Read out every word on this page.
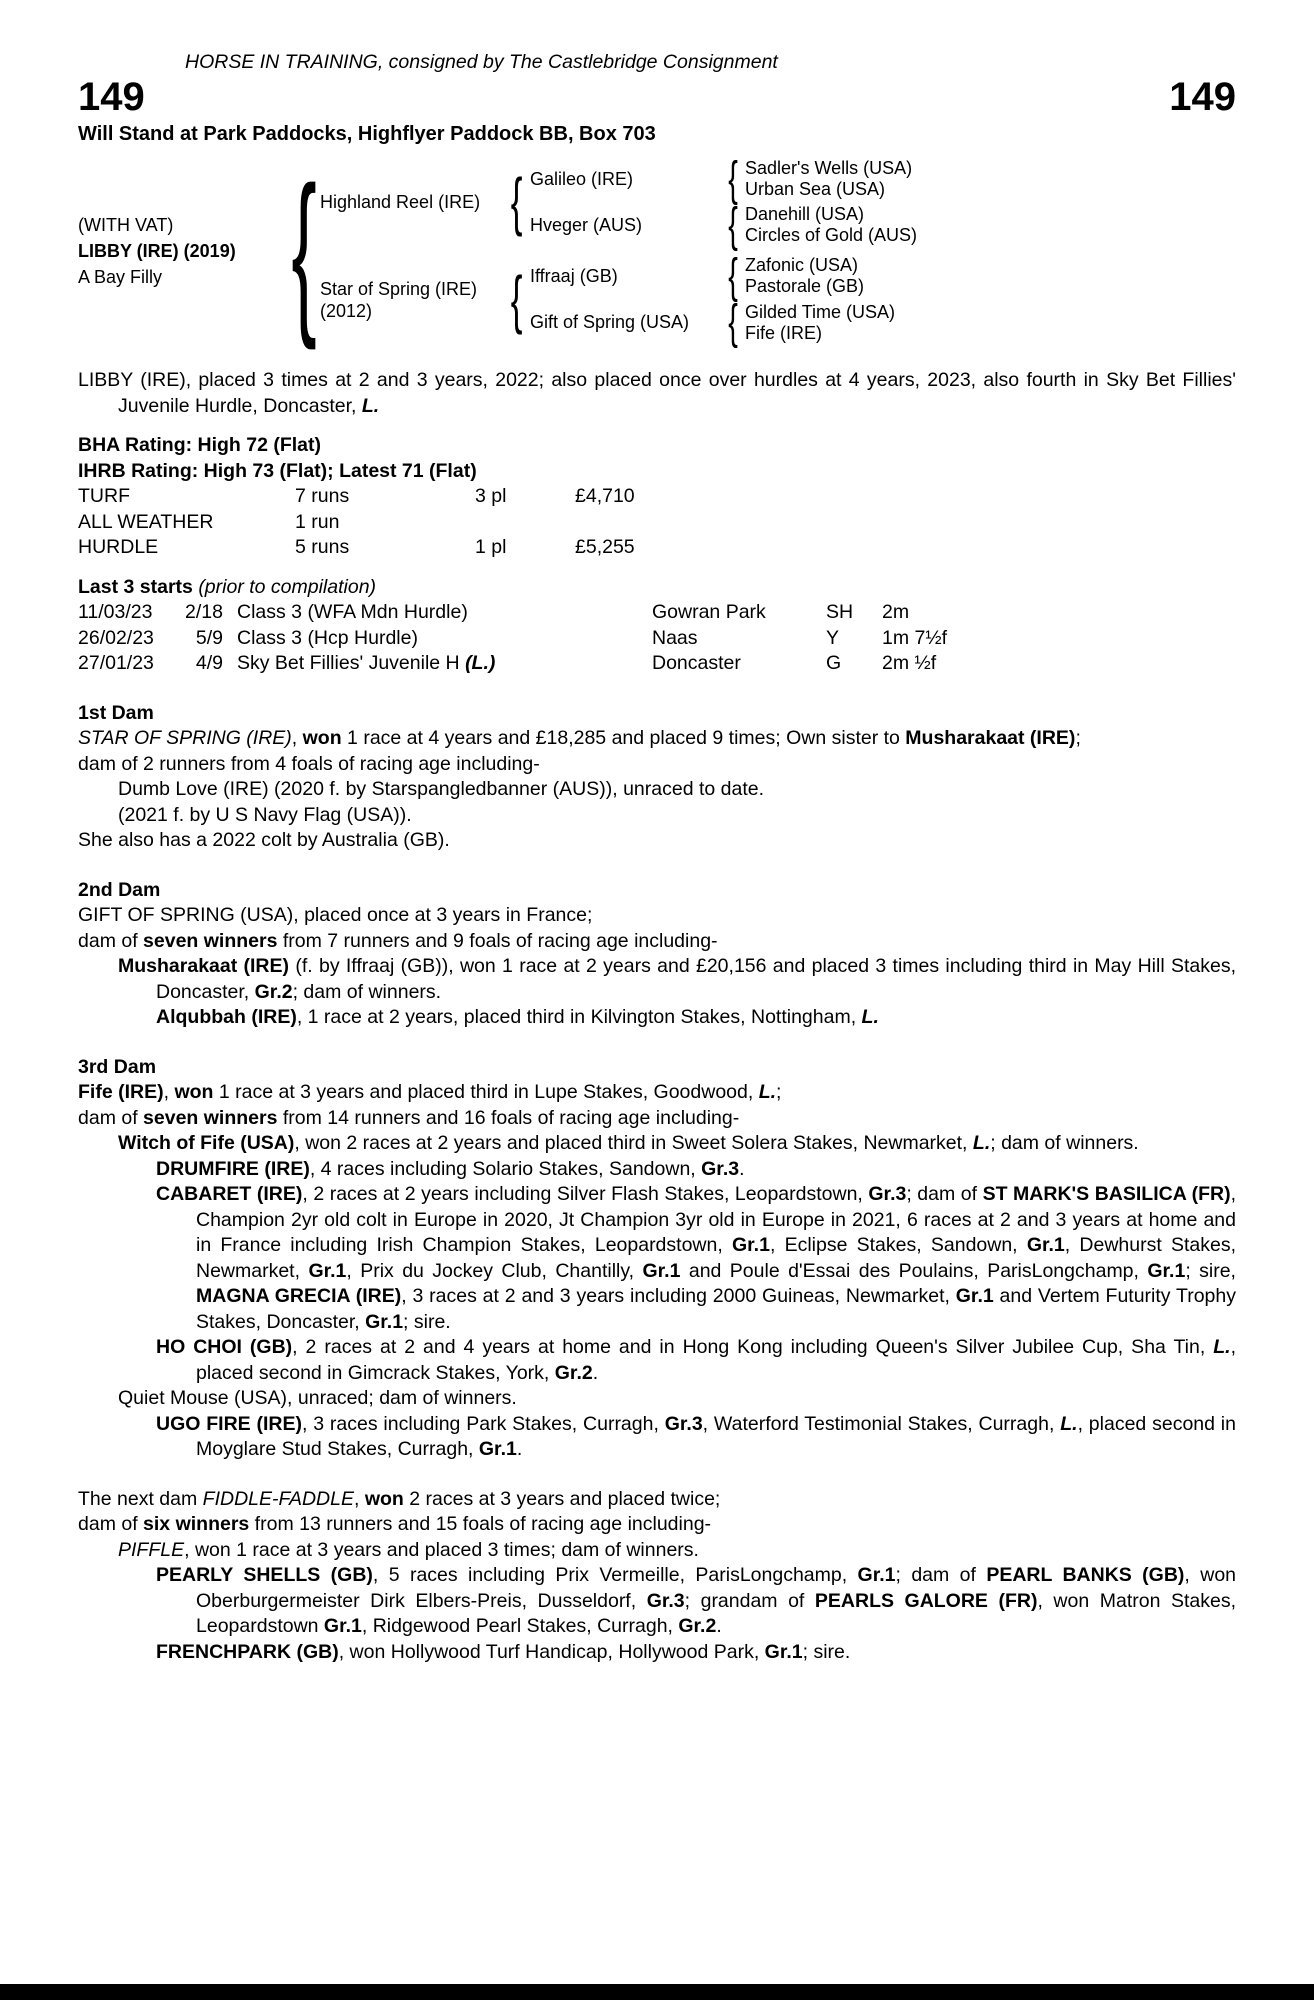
HORSE IN TRAINING, consigned by The Castlebridge Consignment

149	149

Will Stand at Park Paddocks, Highflyer Paddock BB, Box 703

(WITH VAT)
LIBBY (IRE) (2019)
A Bay Filly { Highland Reel (IRE) { Galileo (IRE)	{ Sadler's Wells (USA)
Urban Sea (USA)
Hveger (AUS)	{ Danehill (USA)
Circles of Gold (AUS)
Star of Spring (IRE)
(2012)	{ Iffraaj (GB)	{ Zafonic (USA)
Pastorale (GB)
Gift of Spring (USA) { Gilded Time (USA)
Fife (IRE)

LIBBY (IRE), placed 3 times at 2 and 3 years, 2022; also placed once over hurdles at 4 years, 2023, also fourth in Sky Bet Fillies' Juvenile Hurdle, Doncaster, L.

BHA Rating: High 72 (Flat)

IHRB Rating: High 73 (Flat); Latest 71 (Flat)

TURF	7 runs	3 pl	£4,710
ALL WEATHER	1 run
HURDLE	5 runs	1 pl	£5,255

Last 3 starts (prior to compilation)

11/03/23	2/18 Class 3 (WFA Mdn Hurdle)	Gowran Park	SH	2m
26/02/23	5/9 Class 3 (Hcp Hurdle)	Naas	Y	1m 7½f
27/01/23	4/9 Sky Bet Fillies' Juvenile H (L.)	Doncaster	G	2m ½f

1st Dam

STAR OF SPRING (IRE), won 1 race at 4 years and £18,285 and placed 9 times; Own sister to Musharakaat (IRE);

dam of 2 runners from 4 foals of racing age including-

Dumb Love (IRE) (2020 f. by Starspangledbanner (AUS)), unraced to date.

(2021 f. by U S Navy Flag (USA)).

She also has a 2022 colt by Australia (GB).

2nd Dam

GIFT OF SPRING (USA), placed once at 3 years in France;

dam of seven winners from 7 runners and 9 foals of racing age including-

Musharakaat (IRE) (f. by Iffraaj (GB)), won 1 race at 2 years and £20,156 and placed 3 times including third in May Hill Stakes, Doncaster, Gr.2; dam of winners.

Alqubbah (IRE), 1 race at 2 years, placed third in Kilvington Stakes, Nottingham, L.

3rd Dam

Fife (IRE), won 1 race at 3 years and placed third in Lupe Stakes, Goodwood, L.;

dam of seven winners from 14 runners and 16 foals of racing age including-

Witch of Fife (USA), won 2 races at 2 years and placed third in Sweet Solera Stakes, Newmarket, L.; dam of winners.

DRUMFIRE (IRE), 4 races including Solario Stakes, Sandown, Gr.3.

CABARET (IRE), 2 races at 2 years including Silver Flash Stakes, Leopardstown, Gr.3; dam of ST MARK'S BASILICA (FR), Champion 2yr old colt in Europe in 2020, Jt Champion 3yr old in Europe in 2021, 6 races at 2 and 3 years at home and in France including Irish Champion Stakes, Leopardstown, Gr.1, Eclipse Stakes, Sandown, Gr.1, Dewhurst Stakes, Newmarket, Gr.1, Prix du Jockey Club, Chantilly, Gr.1 and Poule d'Essai des Poulains, ParisLongchamp, Gr.1; sire, MAGNA GRECIA (IRE), 3 races at 2 and 3 years including 2000 Guineas, Newmarket, Gr.1 and Vertem Futurity Trophy Stakes, Doncaster, Gr.1; sire.

HO CHOI (GB), 2 races at 2 and 4 years at home and in Hong Kong including Queen's Silver Jubilee Cup, Sha Tin, L., placed second in Gimcrack Stakes, York, Gr.2.

Quiet Mouse (USA), unraced; dam of winners.

UGO FIRE (IRE), 3 races including Park Stakes, Curragh, Gr.3, Waterford Testimonial Stakes, Curragh, L., placed second in Moyglare Stud Stakes, Curragh, Gr.1.

The next dam FIDDLE-FADDLE, won 2 races at 3 years and placed twice;

dam of six winners from 13 runners and 15 foals of racing age including-

PIFFLE, won 1 race at 3 years and placed 3 times; dam of winners.

PEARLY SHELLS (GB), 5 races including Prix Vermeille, ParisLongchamp, Gr.1; dam of PEARL BANKS (GB), won Oberburgermeister Dirk Elbers-Preis, Dusseldorf, Gr.3; grandam of PEARLS GALORE (FR), won Matron Stakes, Leopardstown Gr.1, Ridgewood Pearl Stakes, Curragh, Gr.2.

FRENCHPARK (GB), won Hollywood Turf Handicap, Hollywood Park, Gr.1; sire.
